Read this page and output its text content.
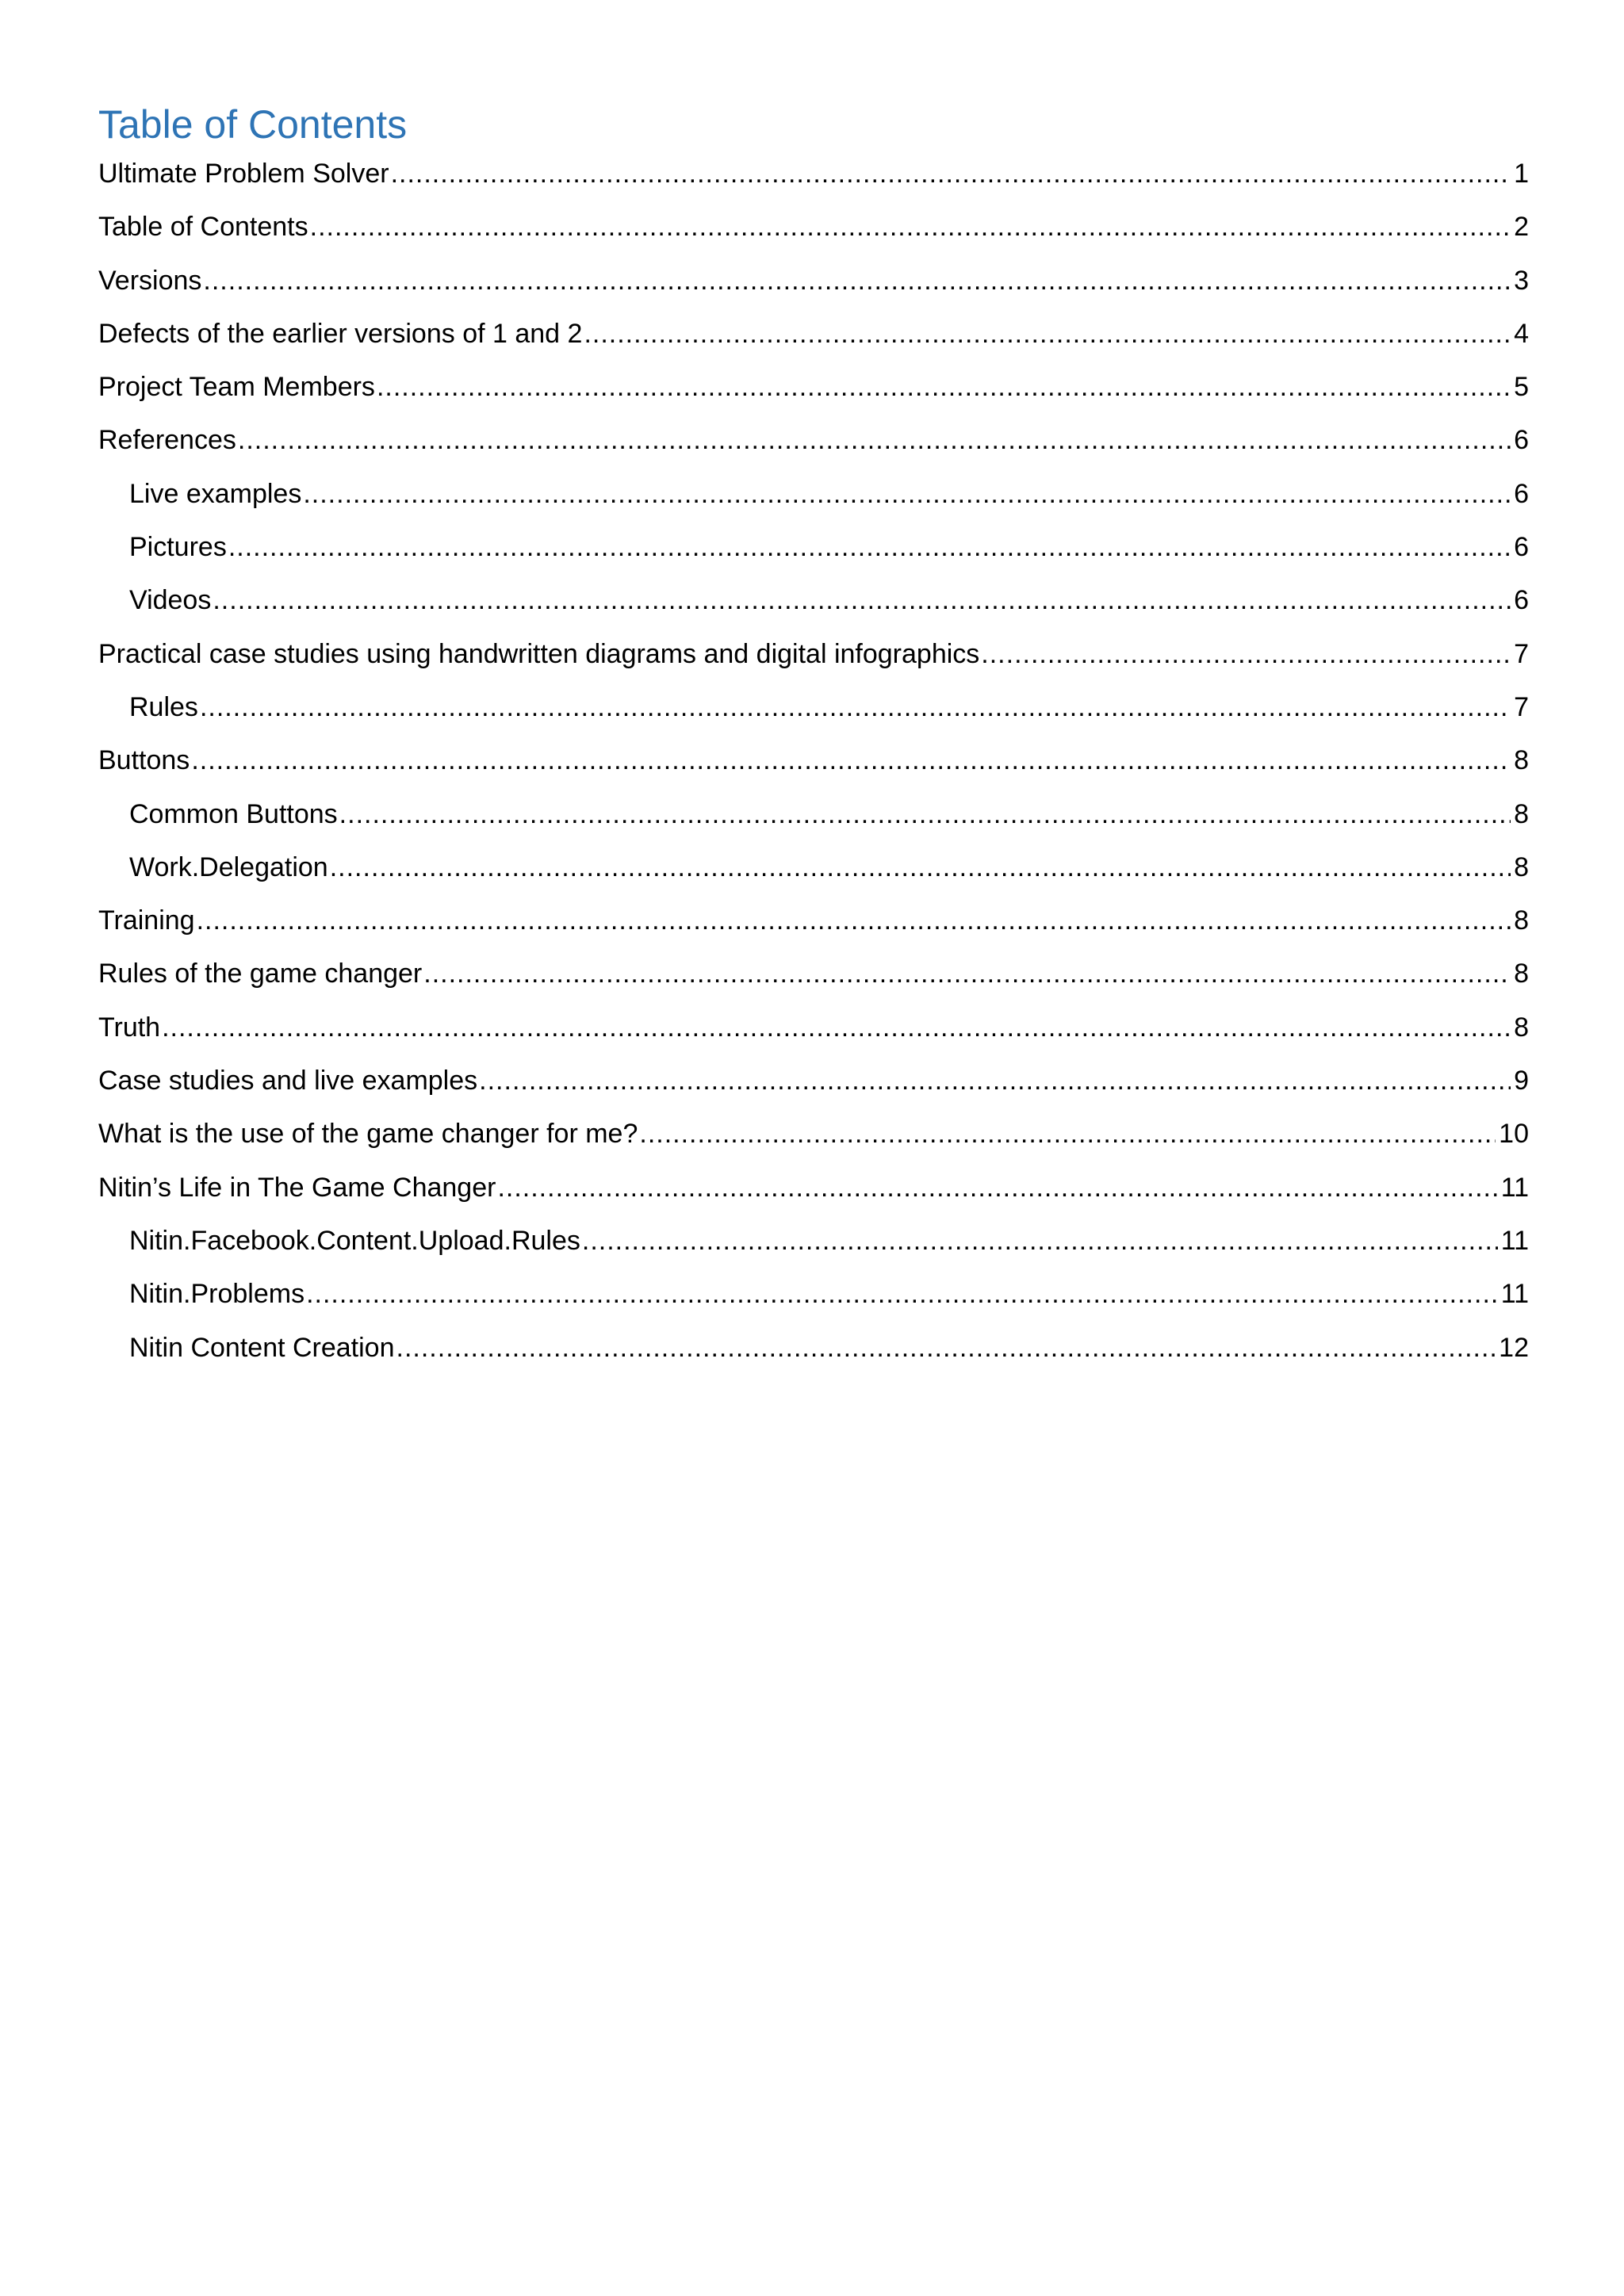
Table of Contents
Ultimate Problem Solver .....	1
Table of Contents .....	2
Versions .....	3
Defects of the earlier versions of 1 and 2 .....	4
Project Team Members .....	5
References .....	6
Live examples .....	6
Pictures .....	6
Videos .....	6
Practical case studies using handwritten diagrams and digital infographics .....	7
Rules .....	7
Buttons .....	8
Common Buttons .....	8
Work.Delegation .....	8
Training .....	8
Rules of the game changer .....	8
Truth .....	8
Case studies and live examples .....	9
What is the use of the game changer for me? .....	10
Nitin’s Life in The Game Changer .....	11
Nitin.Facebook.Content.Upload.Rules .....	11
Nitin.Problems .....	11
Nitin Content Creation .....	12
